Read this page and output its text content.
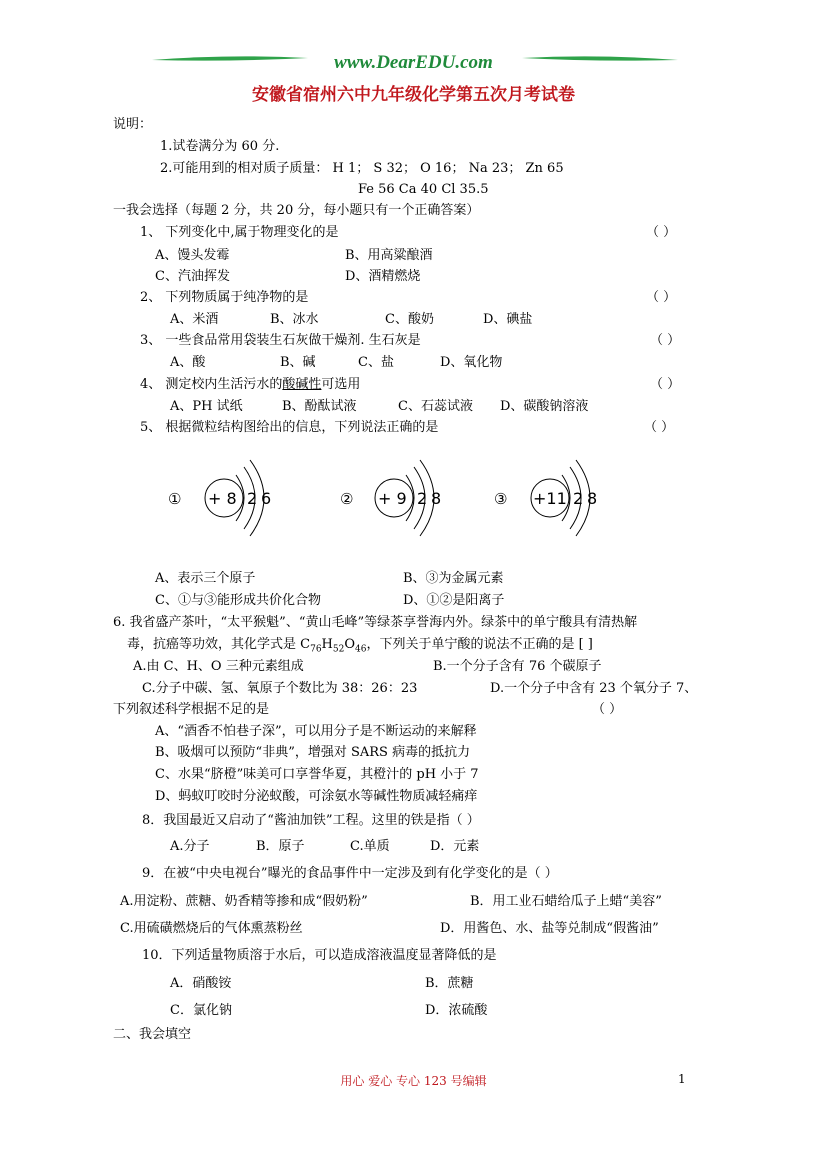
www.DearEDU.com
安徽省宿州六中九年级化学第五次月考试卷
说明：
1.试卷满分为 60 分.
2.可能用到的相对质子质量： H 1； S 32； O 16； Na 23； Zn 65
Fe 56 Ca 40 Cl 35.5
一我会选择（每题 2 分，共 20 分，每小题只有一个正确答案）
1、 下列变化中,属于物理变化的是	（ ）
A、馒头发霉	B、用高粱酿酒
C、汽油挥发	D、酒精燃烧
2、 下列物质属于纯净物的是	（ ）
A、米酒	B、冰水	C、酸奶	D、碘盐
3、 一些食品常用袋装生石灰做干燥剂. 生石灰是	（ ）
A、酸	B、碱	C、盐	D、氧化物
4、 测定校内生活污水的酸碱性可选用	（ ）
A、PH 试纸	B、酚酞试液	C、石蕊试液 D、碳酸钠溶液
5、 根据微粒结构图给出的信息，下列说法正确的是	（ ）
① + 8 2 6	② + 9 2 8	③ +11 2 8
A、表示三个原子	B、③为金属元素
C、①与③能形成共价化合物	D、①②是阳离子
6. 我省盛产茶叶，“太平猴魁”、“黄山毛峰”等绿茶享誉海内外。绿茶中的单宁酸具有清热解
毒，抗癌等功效，其化学式是 $C_{76}H_{52}O_{46}$，下列关于单宁酸的说法不正确的是 [ ]
A.由 C、H、O 三种元素组成	B.一个分子含有 76 个碳原子
C.分子中碳、氢、氧原子个数比为 38：26：23	D.一个分子中含有 23 个氧分子 7、
下列叙述科学根据不足的是	（ ）
A、“酒香不怕巷子深”，可以用分子是不断运动的来解释
B、吸烟可以预防“非典”，增强对 SARS 病毒的抵抗力
C、水果“脐橙”味美可口享誉华夏，其橙汁的 pH 小于 7
D、蚂蚁叮咬时分泌蚁酸，可涂氨水等碱性物质减轻痛痒
8．我国最近又启动了“酱油加铁”工程。这里的铁是指（ ）
A.分子	B．原子	C.单质	D．元素
9．在被“中央电视台”曝光的食品事件中一定涉及到有化学变化的是（ ）
A.用淀粉、蔗糖、奶香精等掺和成“假奶粉”	B．用工业石蜡给瓜子上蜡“美容”
C.用硫磺燃烧后的气体熏蒸粉丝	D．用酱色、水、盐等兑制成“假酱油”
10．下列适量物质溶于水后，可以造成溶液温度显著降低的是
A．硝酸铵	B．蔗糖
C．氯化钠	D．浓硫酸
二、我会填空
用心 爱心 专心 123 号编辑	1
